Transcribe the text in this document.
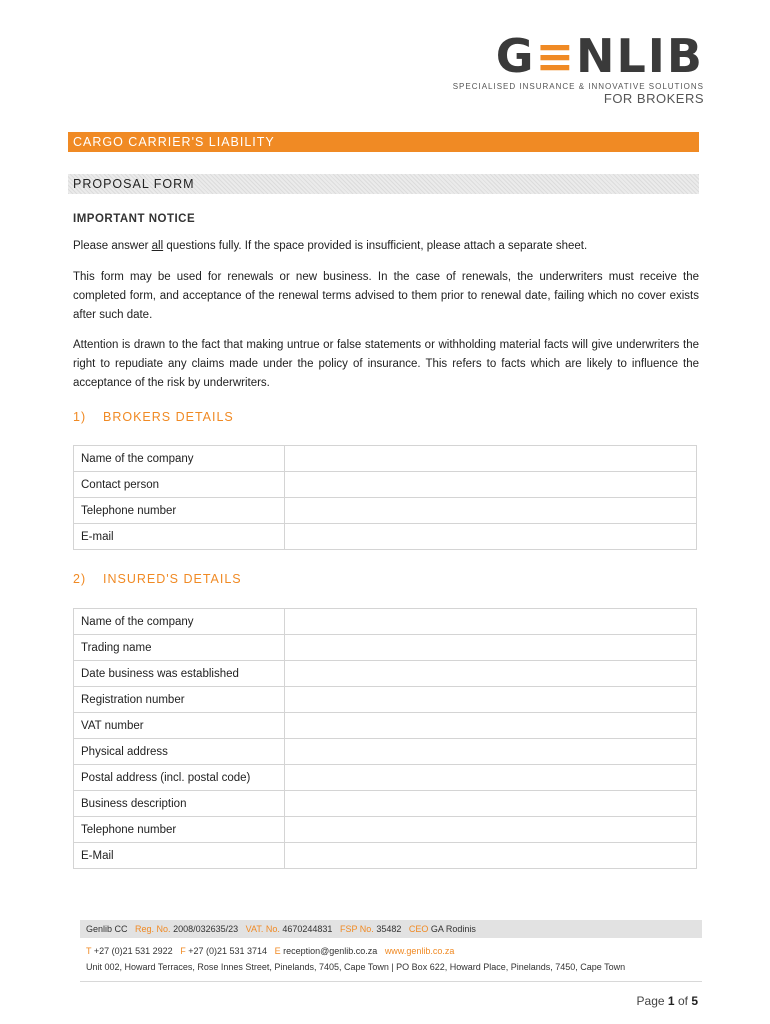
G≡NLIB
SPECIALISED INSURANCE & INNOVATIVE SOLUTIONS
FOR BROKERS
CARGO CARRIER'S LIABILITY
PROPOSAL FORM
IMPORTANT NOTICE
Please answer all questions fully. If the space provided is insufficient, please attach a separate sheet.
This form may be used for renewals or new business. In the case of renewals, the underwriters must receive the completed form, and acceptance of the renewal terms advised to them prior to renewal date, failing which no cover exists after such date.
Attention is drawn to the fact that making untrue or false statements or withholding material facts will give underwriters the right to repudiate any claims made under the policy of insurance. This refers to facts which are likely to influence the acceptance of the risk by underwriters.
1) BROKERS DETAILS
Name of the company	
Contact person	
Telephone number	
E-mail	
2) INSURED'S DETAILS
Name of the company	
Trading name	
Date business was established	
Registration number	
VAT number	
Physical address	
Postal address (incl. postal code)	
Business description	
Telephone number	
E-Mail	
Genlib CC Reg. No. 2008/032635/23 VAT. No. 4670244831 FSP No. 35482 CEO GA Rodinis
T +27 (0)21 531 2922 F +27 (0)21 531 3714 E reception@genlib.co.za www.genlib.co.za
Unit 002, Howard Terraces, Rose Innes Street, Pinelands, 7405, Cape Town | PO Box 622, Howard Place, Pinelands, 7450, Cape Town
Page 1 of 5
